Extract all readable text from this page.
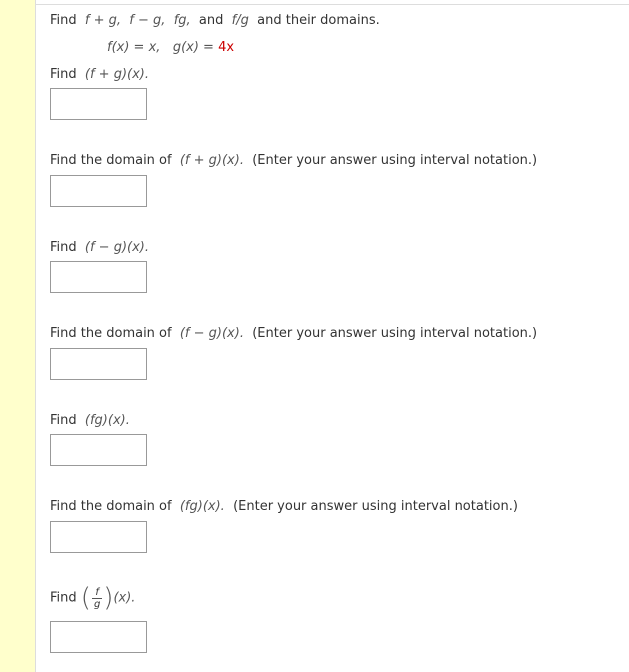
Find f + g, f − g, fg, and f/g and their domains.
f(x) = x, g(x) = 4x
Find (f + g)(x).
Find the domain of (f + g)(x). (Enter your answer using interval notation.)
Find (f − g)(x).
Find the domain of (f − g)(x). (Enter your answer using interval notation.)
Find (fg)(x).
Find the domain of (fg)(x). (Enter your answer using interval notation.)
Find ( $\frac{f}{g} )(x)$.
